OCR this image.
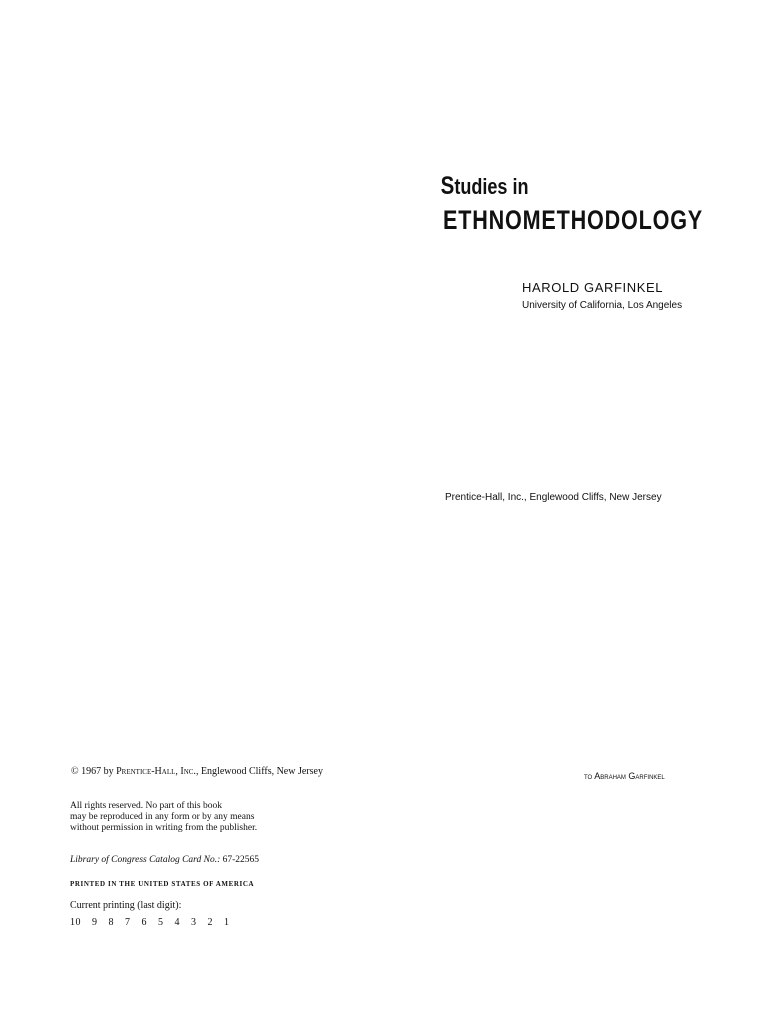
Studies in
ETHNOMETHODOLOGY
HAROLD GARFINKEL
University of California, Los Angeles
Prentice-Hall, Inc., Englewood Cliffs, New Jersey
© 1967 by Prentice-Hall, Inc., Englewood Cliffs, New Jersey	to Abraham Garfinkel
All rights reserved. No part of this book
may be reproduced in any form or by any means
without permission in writing from the publisher.
Library of Congress Catalog Card No.: 67-22565
PRINTED IN THE UNITED STATES OF AMERICA
Current printing (last digit):
10 9 8 7 6 5 4 3 2 1
